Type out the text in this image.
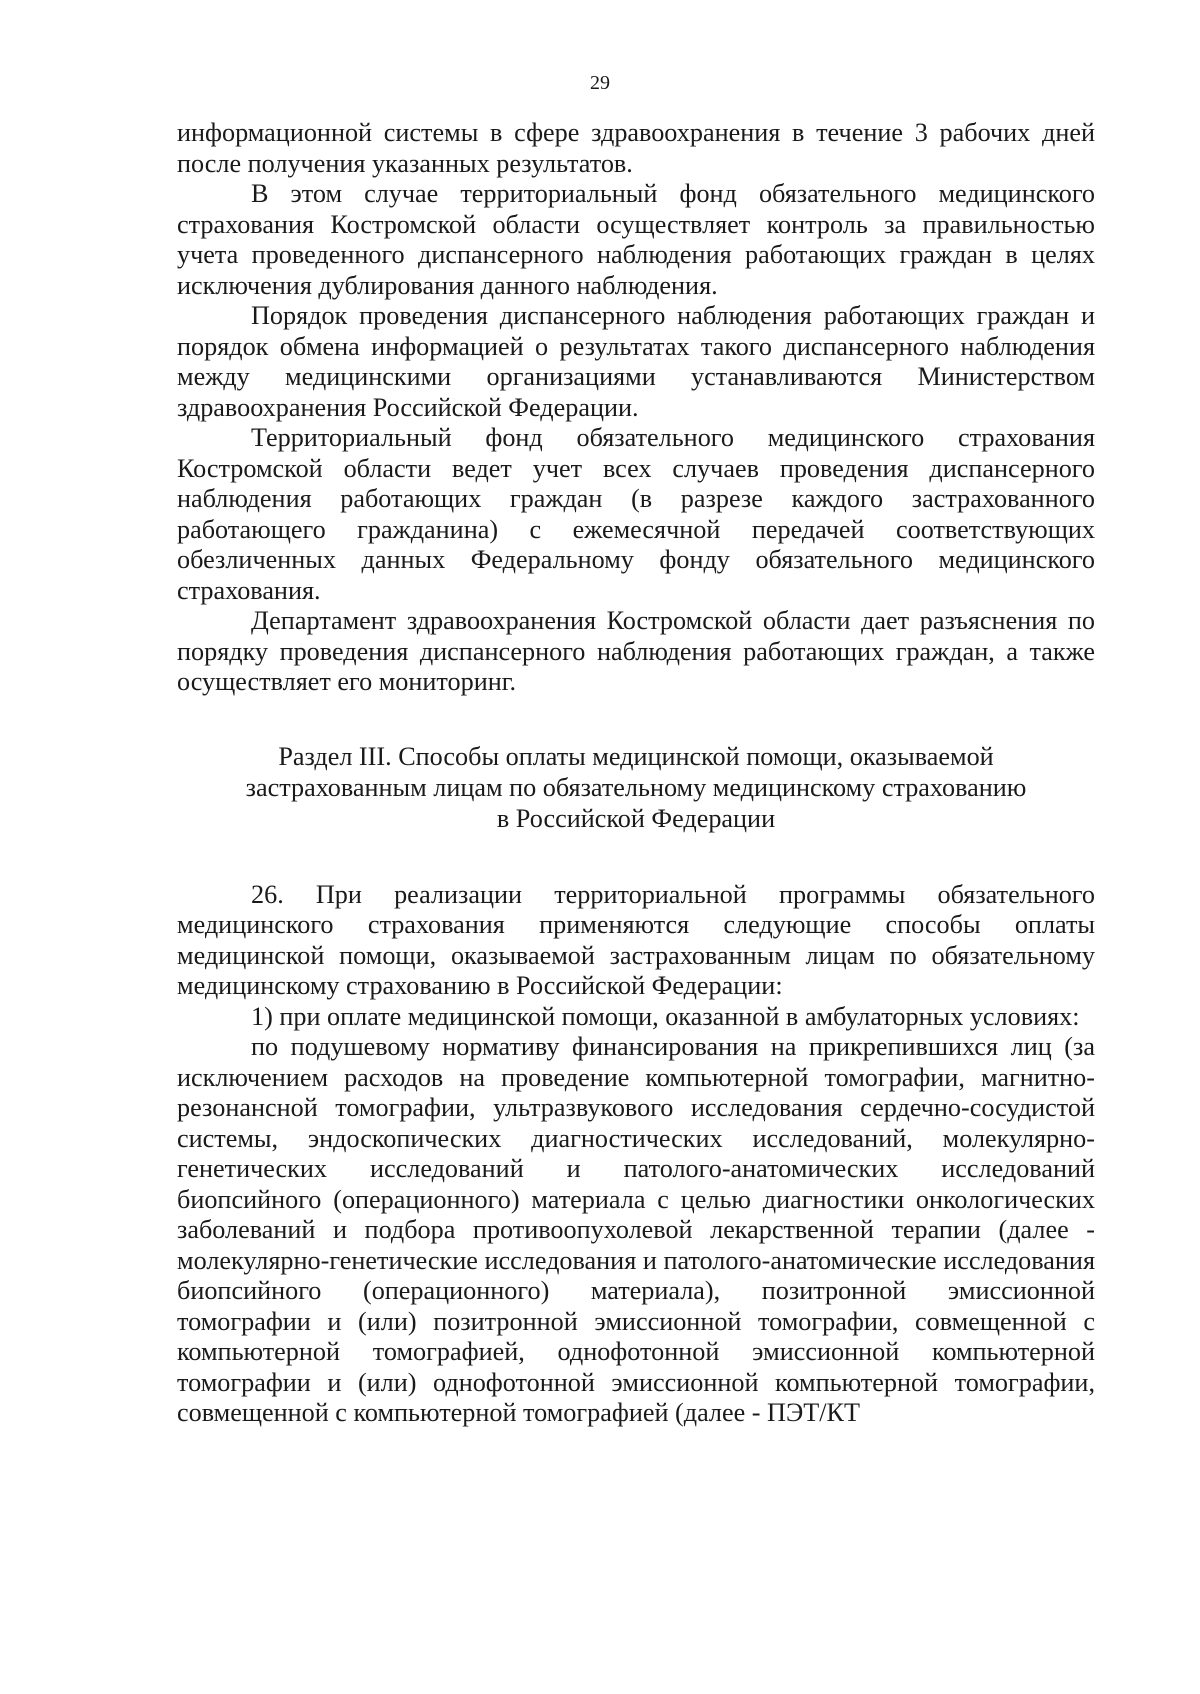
29

информационной системы в сфере здравоохранения в течение 3 рабочих дней после получения указанных результатов.

В этом случае территориальный фонд обязательного медицинского страхования Костромской области осуществляет контроль за правильностью учета проведенного диспансерного наблюдения работающих граждан в целях исключения дублирования данного наблюдения.

Порядок проведения диспансерного наблюдения работающих граждан и порядок обмена информацией о результатах такого диспансерного наблюдения между медицинскими организациями устанавливаются Министерством здравоохранения Российской Федерации.

Территориальный фонд обязательного медицинского страхования Костромской области ведет учет всех случаев проведения диспансерного наблюдения работающих граждан (в разрезе каждого застрахованного работающего гражданина) с ежемесячной передачей соответствующих обезличенных данных Федеральному фонду обязательного медицинского страхования.

Департамент здравоохранения Костромской области дает разъяснения по порядку проведения диспансерного наблюдения работающих граждан, а также осуществляет его мониторинг.

Раздел III. Способы оплаты медицинской помощи, оказываемой
застрахованным лицам по обязательному медицинскому страхованию
в Российской Федерации

26. При реализации территориальной программы обязательного медицинского страхования применяются следующие способы оплаты медицинской помощи, оказываемой застрахованным лицам по обязательному медицинскому страхованию в Российской Федерации:

1) при оплате медицинской помощи, оказанной в амбулаторных условиях:

по подушевому нормативу финансирования на прикрепившихся лиц (за исключением расходов на проведение компьютерной томографии, магнитно-резонансной томографии, ультразвукового исследования сердечно-сосудистой системы, эндоскопических диагностических исследований, молекулярно-генетических исследований и патолого-анатомических исследований биопсийного (операционного) материала с целью диагностики онкологических заболеваний и подбора противоопухолевой лекарственной терапии (далее - молекулярно-генетические исследования и патолого-анатомические исследования биопсийного (операционного) материала), позитронной эмиссионной томографии и (или) позитронной эмиссионной томографии, совмещенной с компьютерной томографией, однофотонной эмиссионной компьютерной томографии и (или) однофотонной эмиссионной компьютерной томографии, совмещенной с компьютерной томографией (далее - ПЭТ/КТ
